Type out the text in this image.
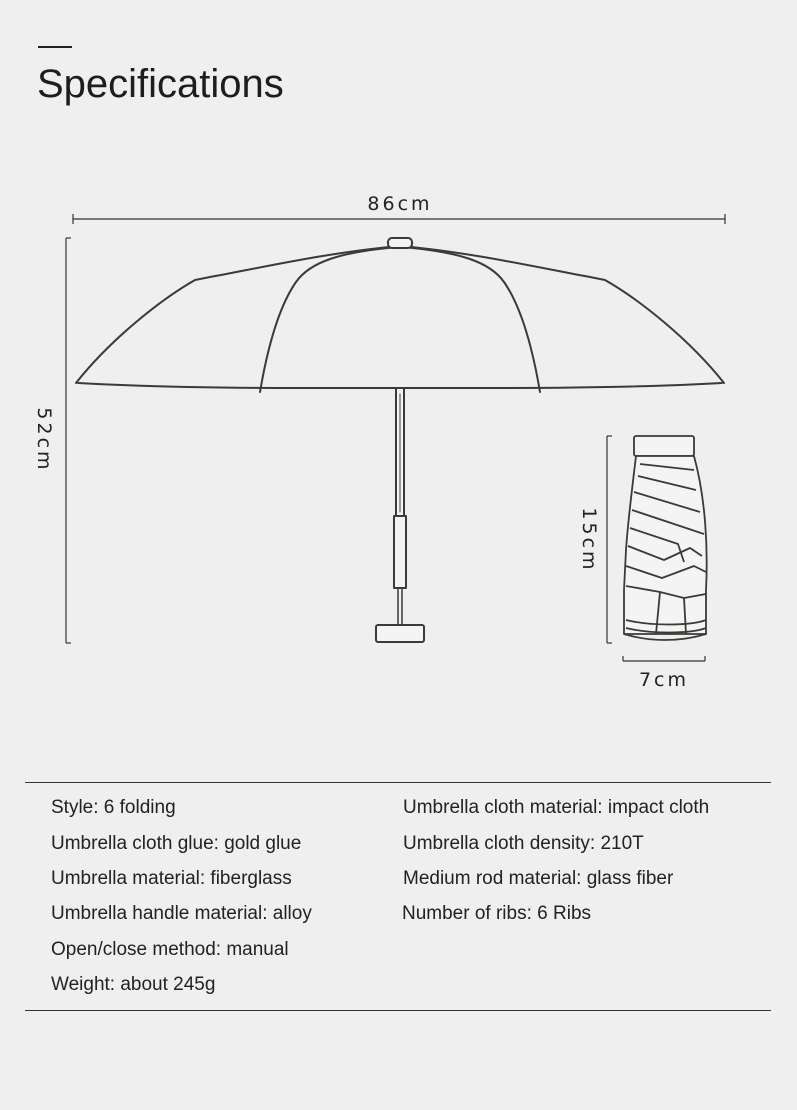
Specifications
86cm
52cm
15cm
7cm
Style: 6 folding
Umbrella cloth glue: gold glue
Umbrella material: fiberglass
Umbrella handle material: alloy
Open/close method: manual
Weight: about 245g
Umbrella cloth material: impact cloth
Umbrella cloth density: 210T
Medium rod material: glass fiber
Number of ribs: 6 Ribs
